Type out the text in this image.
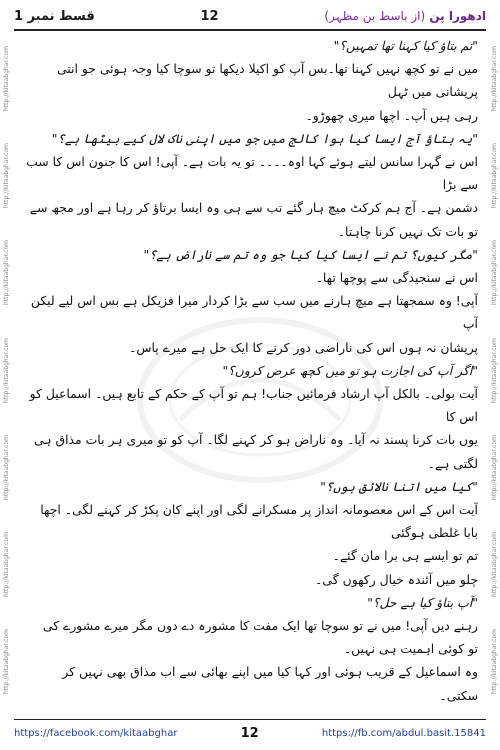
قسط نمبر 1	12	(از باسط بن مظہر) ادھورا پن
http://kitaabghar.com
http://kitaabghar.com
http://kitaabghar.com
http://kitaabghar.com
http://kitaabghar.com
http://kitaabghar.com
http://kitaabghar.com
http://kitaabghar.com
http://kitaabghar.com
http://kitaabghar.com
http://kitaabghar.com
http://kitaabghar.com
http://kitaabghar.com
http://kitaabghar.com

"تم بتاؤ کیا کہنا تھا تمہیں؟"

میں نے تو کچھ نہیں کہنا تھا۔بس آپ کو اکیلا دیکھا تو سوچا کیا وجہ ہوئی جو انتی پریشانی میں ٹہل

رہی ہیں آپ۔ اچھا میری چھوڑو۔

"یہ بتاؤ آج ایسا کیا ہوا کالج میں جو میں اپنی ناک لال کیے بیٹھا ہے؟"

اس نے گہرا سانس لیتے ہوئے کہا اوہ۔۔۔۔ تو یہ بات ہے۔ آپی! اس کا جنون اس کا سب سے بڑا

دشمن ہے۔ آج ہم کرکٹ میچ ہار گئے تب سے ہی وہ ایسا برتاؤ کر رہا ہے اور مجھ سے تو بات تک نہیں کرنا چاہتا۔

"مگر کیوں؟ تم نے ایسا کیا کیا جو وہ تم سے ناراض ہے؟"

اس نے سنجیدگی سے پوچھا تھا۔

آپی! وہ سمجھتا ہے میچ ہارنے میں سب سے بڑا کردار میرا فزیکل ہے بس اس لیے لیکن آپ

پریشان نہ ہوں اس کی ناراضی دور کرنے کا ایک حل ہے میرے پاس۔

"اگر آپ کی اجازت ہو تو میں کچھ عرض کروں؟"

آیت بولی۔ بالکل آپ ارشاد فرمائیں جناب! ہم تو آپ کے حکم کے تابع ہیں۔ اسماعیل کو اس کا

یوں بات کرنا پسند نہ آیا۔ وہ ناراض ہو کر کہنے لگا۔ آپ کو تو میری ہر بات مذاق ہی لگتی ہے۔

"کیا میں اتنا نالائق ہوں؟"

آیت اس کے اس معصومانہ انداز پر مسکرانے لگی اور اپنے کان پکڑ کر کہنے لگی۔ اچھا بابا غلطی ہوگئی

تم تو ایسے ہی برا مان گئے۔

چلو میں آئندہ خیال رکھوں گی۔

"آپ بتاؤ کیا ہے حل؟"

رہنے دیں آپی! میں نے تو سوچا تھا ایک مفت کا مشورہ دے دوں مگر میرے مشورے کی

تو کوئی اہمیت ہی نہیں۔

وہ اسماعیل کے قریب ہوئی اور کہا کیا میں اپنے بھائی سے اب مذاق بھی نہیں کر سکتی۔

https://facebook.com/kitaabghar	12	https://fb.com/abdul.basit.15841
